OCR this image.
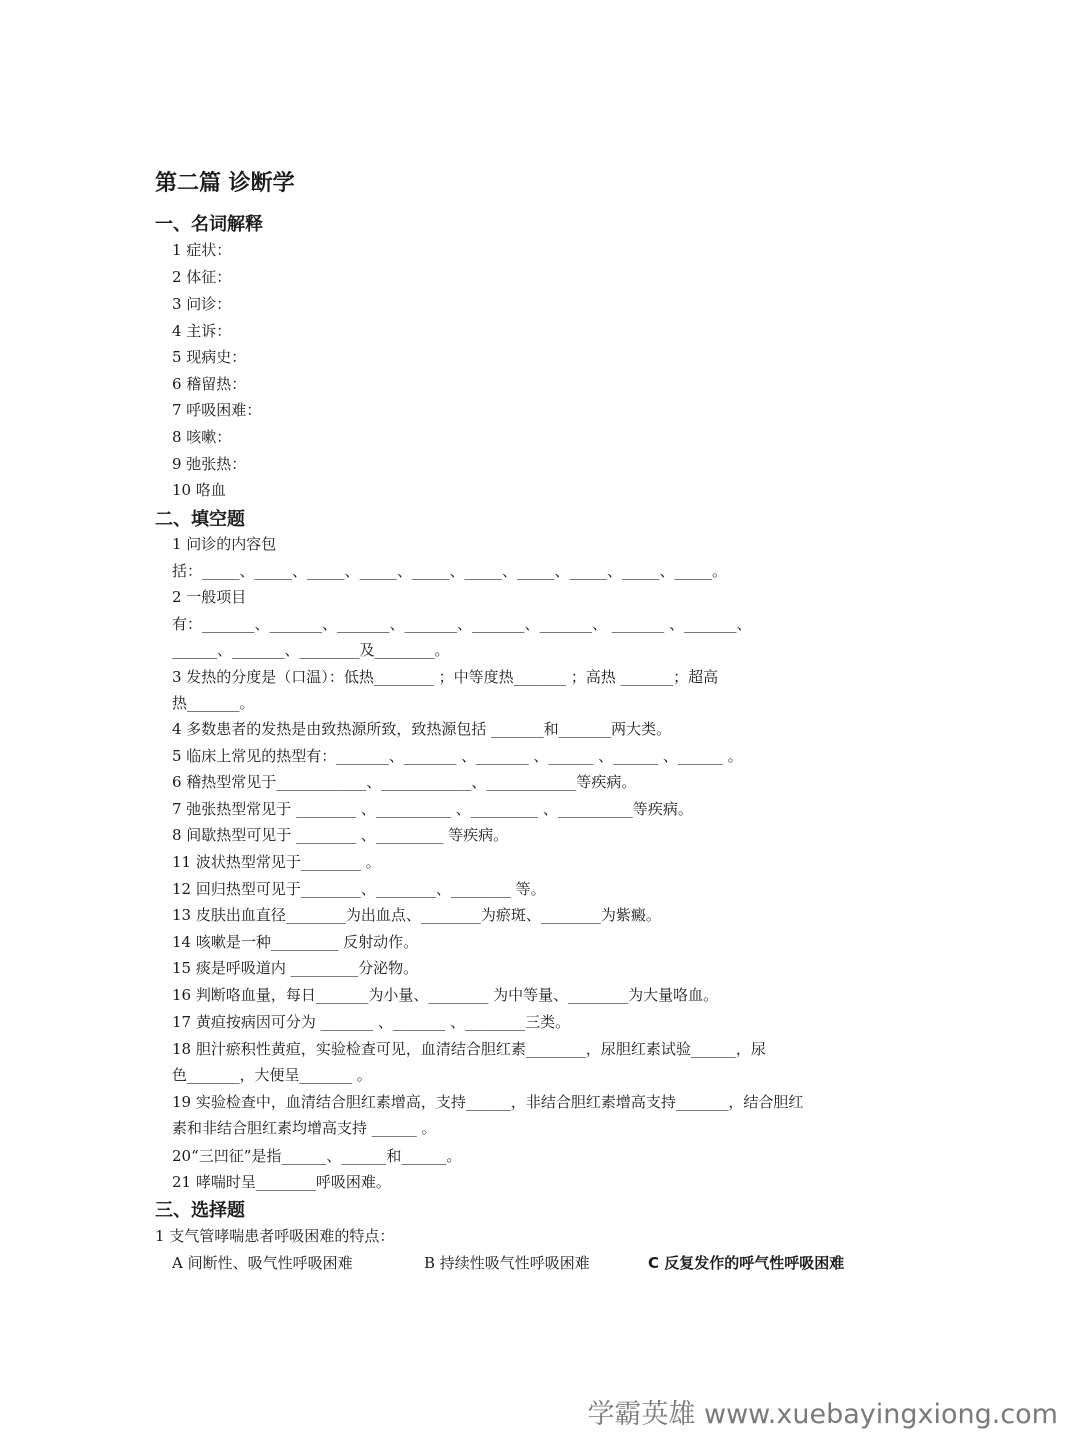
第二篇 诊断学
一、名词解释

1 症状：

2 体征：

3 问诊：

4 主诉：

5 现病史：

6 稽留热：

7 呼吸困难：

8 咳嗽：

9 弛张热：

10 咯血

二、填空题

1 问诊的内容包

括：_____、_____、_____、_____、_____、_____、_____、_____、_____、_____。

2 一般项目

有：_______、_______、_______、_______、_______、_______、 _______ 、_______、

______、_______、________及________。

3 发热的分度是（口温）：低热________ ；中等度热_______ ；高热 _______；超高

热_______。

4 多数患者的发热是由致热源所致，致热源包括 _______和_______两大类。

5 临床上常见的热型有：_______、_______ 、_______ 、______ 、______ 、______ 。

6 稽热型常见于____________、____________、____________等疾病。

7 弛张热型常见于 ________ 、__________ 、_________ 、__________等疾病。

8 间歇热型可见于 ________ 、_________ 等疾病。

11 波状热型常见于________ 。

12 回归热型可见于________、________、________ 等。

13 皮肤出血直径________为出血点、________为瘀斑、________为紫癜。

14 咳嗽是一种_________ 反射动作。

15 痰是呼吸道内 _________分泌物。

16 判断咯血量，每日_______为小量、________ 为中等量、________为大量咯血。

17 黄疸按病因可分为 _______ 、_______ 、________三类。

18 胆汁瘀积性黄疸，实验检查可见，血清结合胆红素________，尿胆红素试验______，尿

色_______，大便呈_______ 。

19 实验检查中，血清结合胆红素增高，支持______，非结合胆红素增高支持_______，结合胆红

素和非结合胆红素均增高支持 ______ 。

20“三凹征”是指______、______和______。

21 哮喘时呈________呼吸困难。

三、选择题

1 支气管哮喘患者呼吸困难的特点：

A 间断性、吸气性呼吸困难	B 持续性吸气性呼吸困难	C 反复发作的呼气性呼吸困难
学霸英雄 www.xuebayingxiong.com
